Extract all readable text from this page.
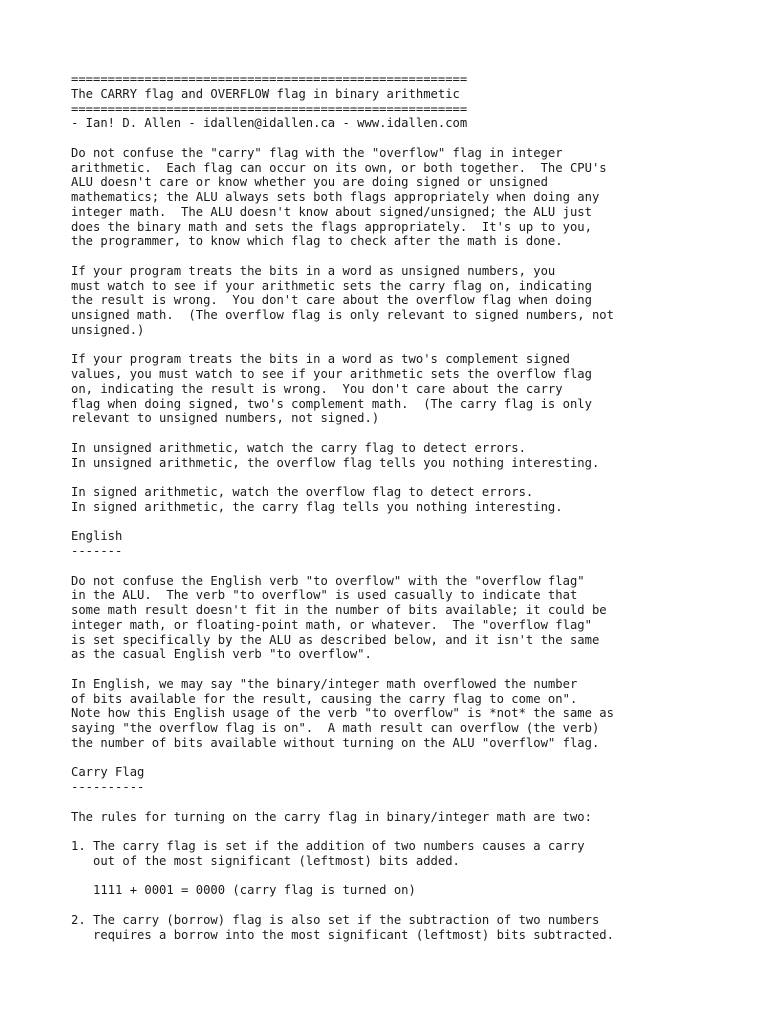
======================================================
The CARRY flag and OVERFLOW flag in binary arithmetic
======================================================
- Ian! D. Allen - idallen@idallen.ca - www.idallen.com
Do not confuse the "carry" flag with the "overflow" flag in integer
arithmetic.  Each flag can occur on its own, or both together.  The CPU's
ALU doesn't care or know whether you are doing signed or unsigned
mathematics; the ALU always sets both flags appropriately when doing any
integer math.  The ALU doesn't know about signed/unsigned; the ALU just
does the binary math and sets the flags appropriately.  It's up to you,
the programmer, to know which flag to check after the math is done.
If your program treats the bits in a word as unsigned numbers, you
must watch to see if your arithmetic sets the carry flag on, indicating
the result is wrong.  You don't care about the overflow flag when doing
unsigned math.  (The overflow flag is only relevant to signed numbers, not
unsigned.)
If your program treats the bits in a word as two's complement signed
values, you must watch to see if your arithmetic sets the overflow flag
on, indicating the result is wrong.  You don't care about the carry
flag when doing signed, two's complement math.  (The carry flag is only
relevant to unsigned numbers, not signed.)
In unsigned arithmetic, watch the carry flag to detect errors.
In unsigned arithmetic, the overflow flag tells you nothing interesting.
In signed arithmetic, watch the overflow flag to detect errors.
In signed arithmetic, the carry flag tells you nothing interesting.
English
-------
Do not confuse the English verb "to overflow" with the "overflow flag"
in the ALU.  The verb "to overflow" is used casually to indicate that
some math result doesn't fit in the number of bits available; it could be
integer math, or floating-point math, or whatever.  The "overflow flag"
is set specifically by the ALU as described below, and it isn't the same
as the casual English verb "to overflow".
In English, we may say "the binary/integer math overflowed the number
of bits available for the result, causing the carry flag to come on".
Note how this English usage of the verb "to overflow" is *not* the same as
saying "the overflow flag is on".  A math result can overflow (the verb)
the number of bits available without turning on the ALU "overflow" flag.
Carry Flag
----------
The rules for turning on the carry flag in binary/integer math are two:
1. The carry flag is set if the addition of two numbers causes a carry
out of the most significant (leftmost) bits added.
1111 + 0001 = 0000 (carry flag is turned on)
2. The carry (borrow) flag is also set if the subtraction of two numbers
requires a borrow into the most significant (leftmost) bits subtracted.
